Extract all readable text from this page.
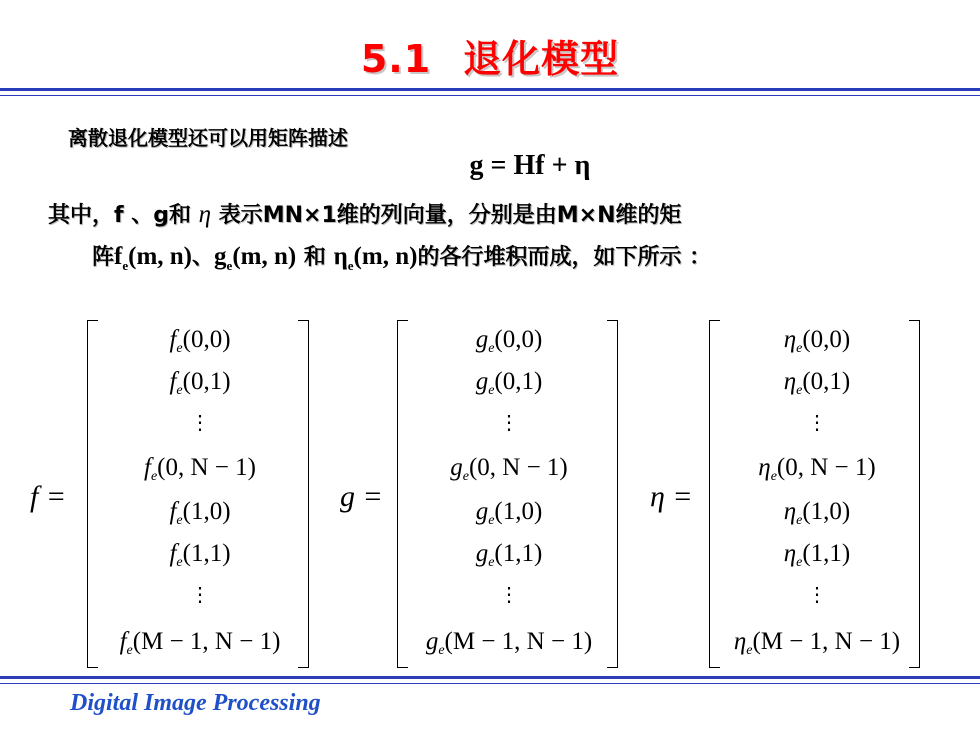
5.1 退化模型
离散退化模型还可以用矩阵描述
g = Hf + η
其中，f 、g和 η 表示MN×1维的列向量，分别是由M×N维的矩
阵$f_e(m$, n)、$g_e(m$, n) 和 $\eta_e(m$, n)的各行堆积而成，如下所示 ：
f =
$f_e(0,0)$
$f_e(0,1)$
⋮
$f_e(0$, N − 1)
$f_e(1,0)$
$f_e(1,1)$
⋮
$f_e(M - 1$, N − 1)
g =
$g_e(0,0)$
$g_e(0,1)$
⋮
$g_e(0$, N − 1)
$g_e(1,0)$
$g_e(1,1)$
⋮
$g_e(M - 1$, N − 1)
η =
$\eta_e(0,0)$
$\eta_e(0,1)$
⋮
$\eta_e(0$, N − 1)
$\eta_e(1,0)$
$\eta_e(1,1)$
⋮
$\eta_e(M - 1$, N − 1)
Digital Image Processing
